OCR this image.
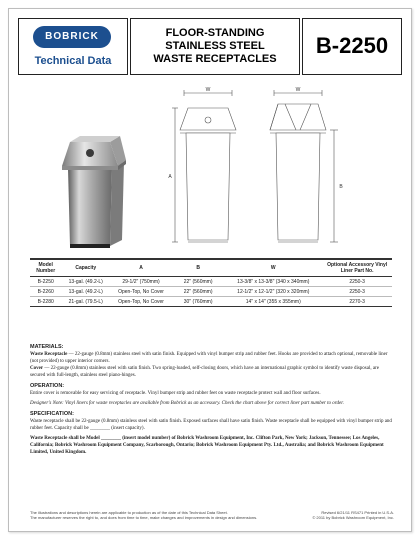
BOBRICK
Technical Data
FLOOR-STANDING
STAINLESS STEEL
WASTE RECEPTACLES
B-2250
W	W
A
B
Model Number	Capacity	A	B	W	Optional Accessory Vinyl Liner Part No.
B-2250	13-gal. (49.2-L)	29-1/2" (750mm)	22" (560mm)	13-3/8" x 13-3/8" (340 x 340mm)	2250-3
B-2260	13-gal. (49.2-L)	Open-Top, No Cover	22" (560mm)	12-1/2" x 12-1/2" (320 x 320mm)	2250-3
B-2280	21-gal. (79.5-L)	Open-Top, No Cover	30" (760mm)	14" x 14" (355 x 355mm)	2270-3
MATERIALS:

Waste Receptacle — 22-gauge (0.8mm) stainless steel with satin finish. Equipped with vinyl bumper strip and rubber feet. Hooks are provided to attach optional, removable liner (not provided) to upper interior corners.

Cover — 22-gauge (0.8mm) stainless steel with satin finish. Two spring-loaded, self-closing doors, which have an international graphic symbol to identify waste disposal, are secured with full-length, stainless steel piano-hinges.

OPERATION:

Entire cover is removable for easy servicing of receptacle. Vinyl bumper strip and rubber feet on waste receptacle protect wall and floor surfaces.

Designer's Note: Vinyl liners for waste receptacles are available from Bobrick as an accessory. Check the chart above for correct liner part number to order.

SPECIFICATION:

Waste receptacle shall be 22-gauge (0.8mm) stainless steel with satin finish. Exposed surfaces shall have satin finish. Waste receptacle shall be equipped with vinyl bumper strip and rubber feet. Capacity shall be ________ (insert capacity).

Waste Receptacle shall be Model ________ (insert model number) of Bobrick Washroom Equipment, Inc. Clifton Park, New York; Jackson, Tennessee; Los Angeles, California; Bobrick Washroom Equipment Company, Scarborough, Ontario; Bobrick Washroom Equipment Pty. Ltd., Australia; and Bobrick Washroom Equipment Limited, United Kingdom.

The illustrations and descriptions herein are applicable to production as of the date of this Technical Data Sheet.
The manufacturer reserves the right to, and does from time to time, make changes and improvements in design and dimensions.
Revised 6/21/11 RS471 Printed in U.S.A.
© 2011 by Bobrick Washroom Equipment, Inc.
